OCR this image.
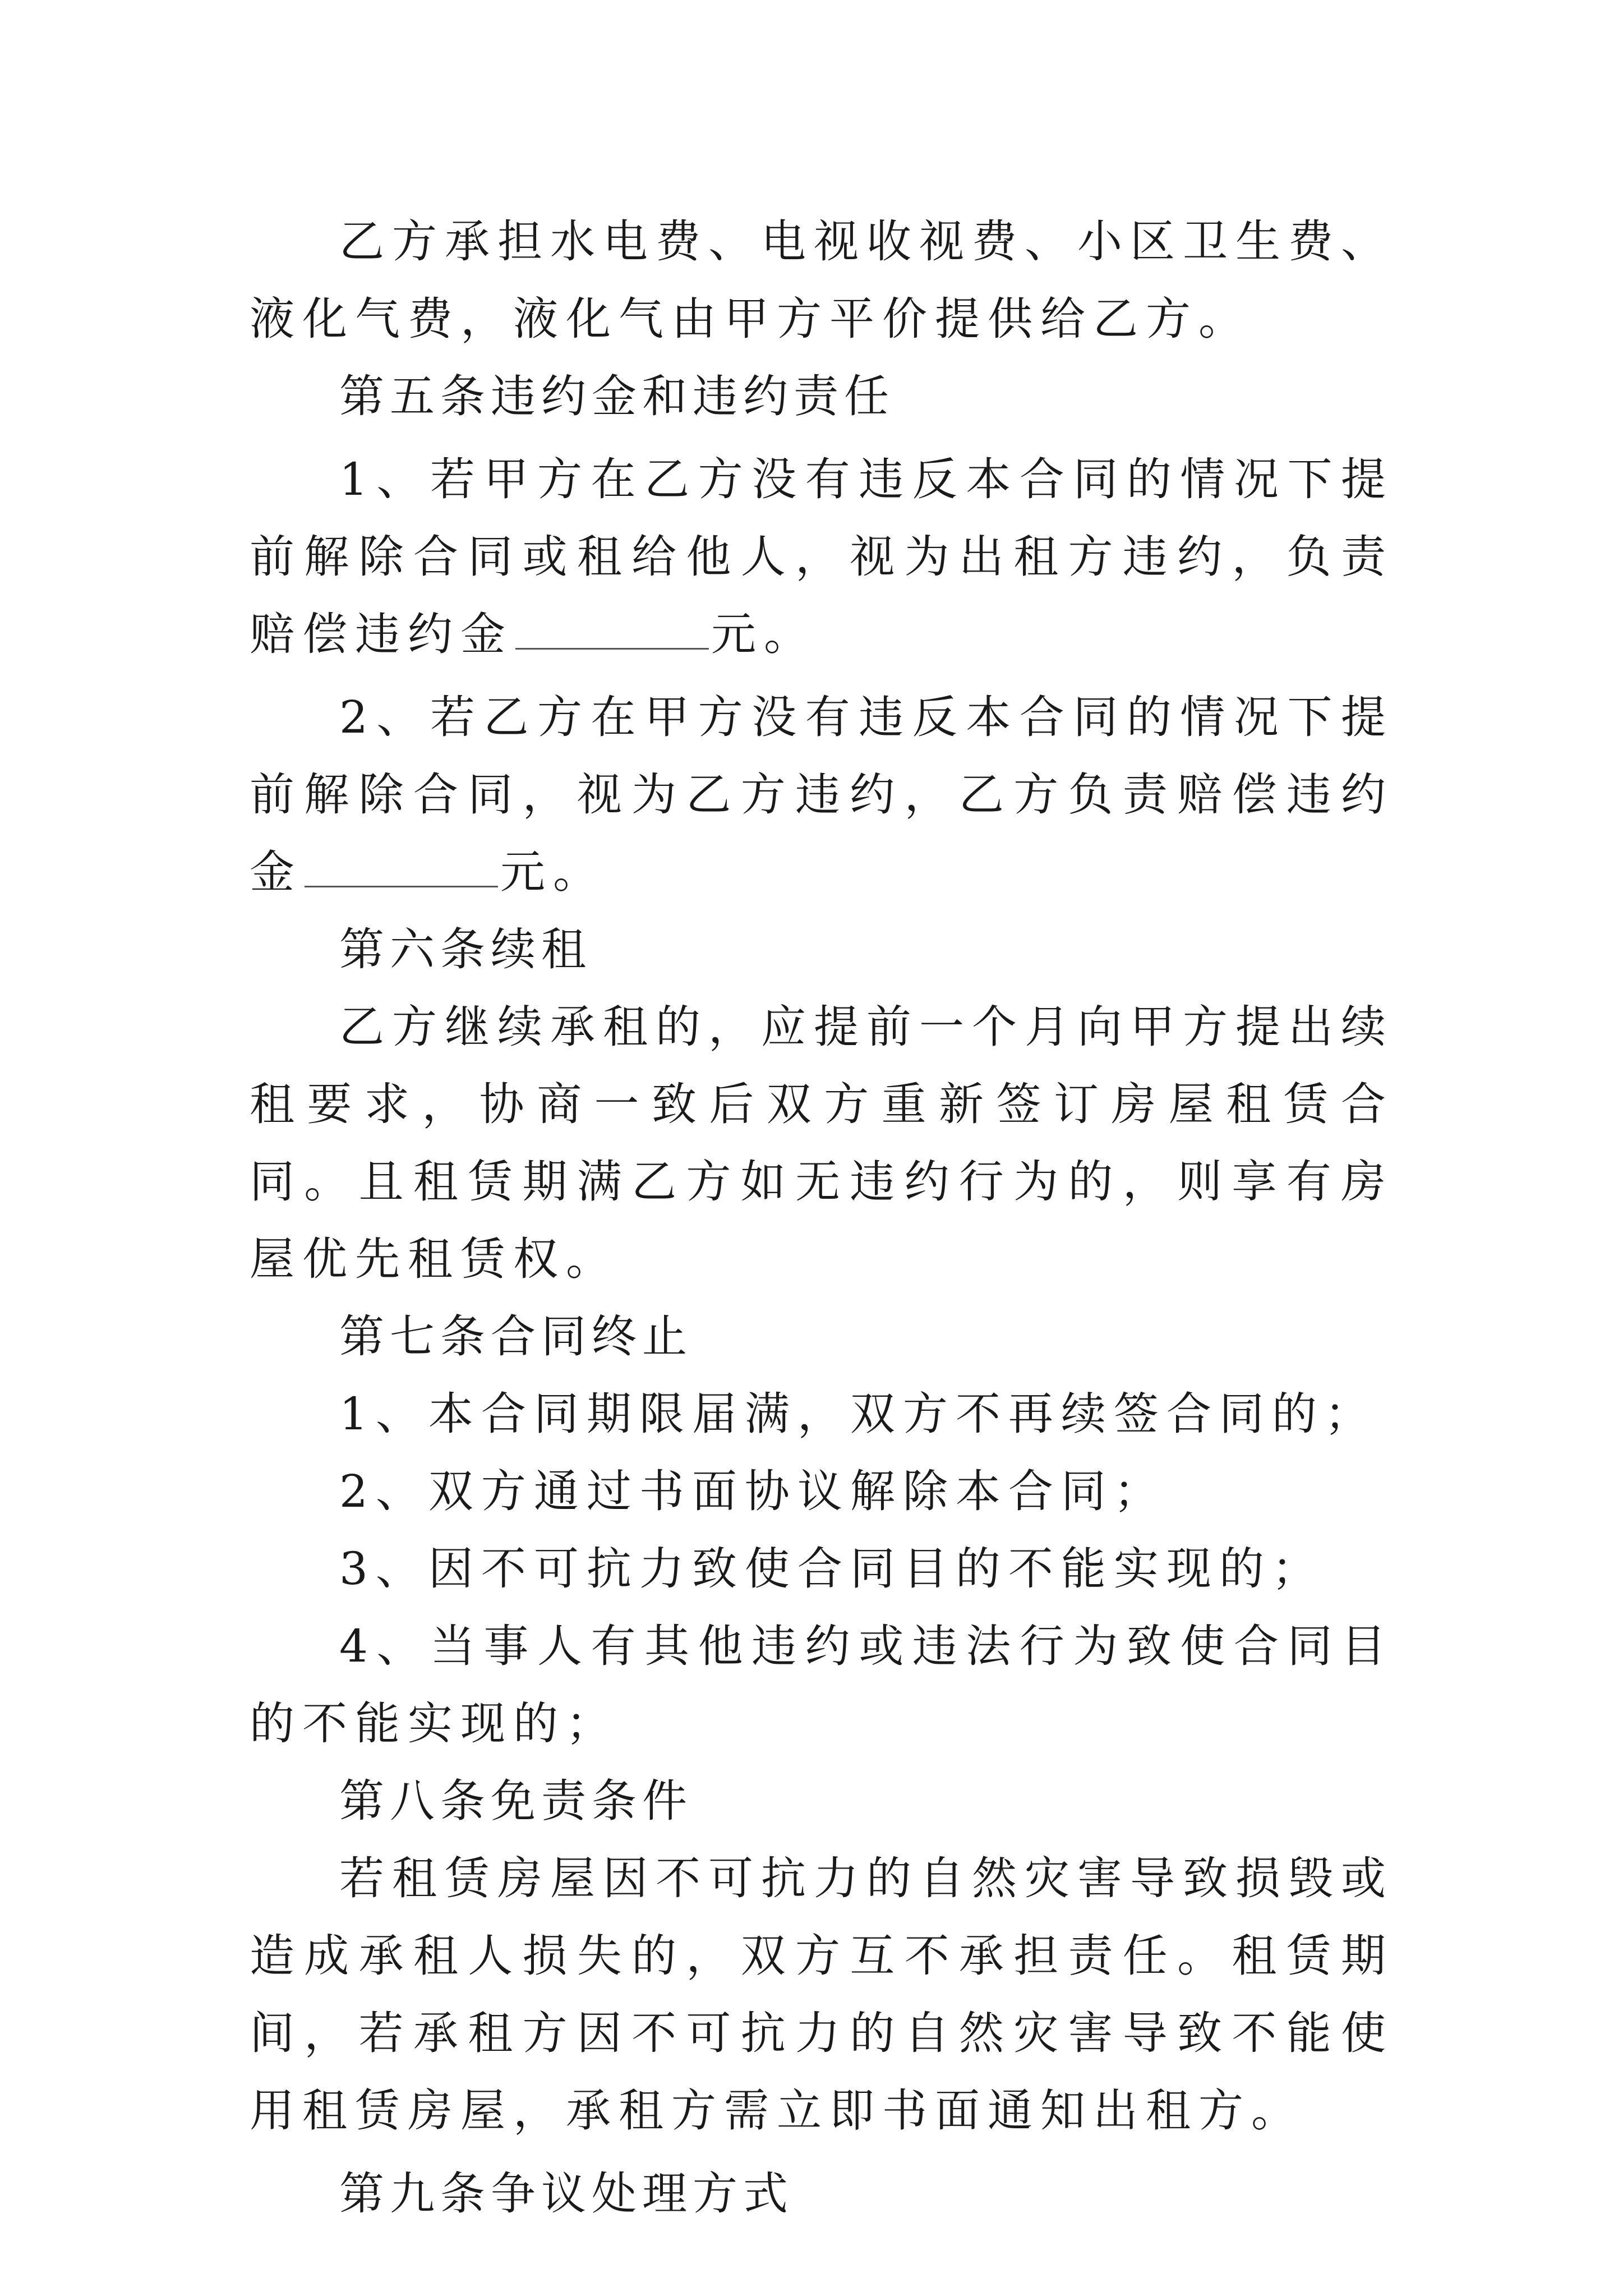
乙方承担水电费、电视收视费、小区卫生费、液化气费，液化气由甲方平价提供给乙方。

第五条违约金和违约责任

1、若甲方在乙方没有违反本合同的情况下提前解除合同或租给他人，视为出租方违约，负责赔偿违约金	元。

2、若乙方在甲方没有违反本合同的情况下提前解除合同，视为乙方违约，乙方负责赔偿违约金	元。

第六条续租

乙方继续承租的，应提前一个月向甲方提出续租要求，协商一致后双方重新签订房屋租赁合同。且租赁期满乙方如无违约行为的，则享有房屋优先租赁权。

第七条合同终止

1、本合同期限届满，双方不再续签合同的；

2、双方通过书面协议解除本合同；

3、因不可抗力致使合同目的不能实现的；

4、当事人有其他违约或违法行为致使合同目的不能实现的；

第八条免责条件

若租赁房屋因不可抗力的自然灾害导致损毁或造成承租人损失的，双方互不承担责任。租赁期间，若承租方因不可抗力的自然灾害导致不能使用租赁房屋，承租方需立即书面通知出租方。

第九条争议处理方式
